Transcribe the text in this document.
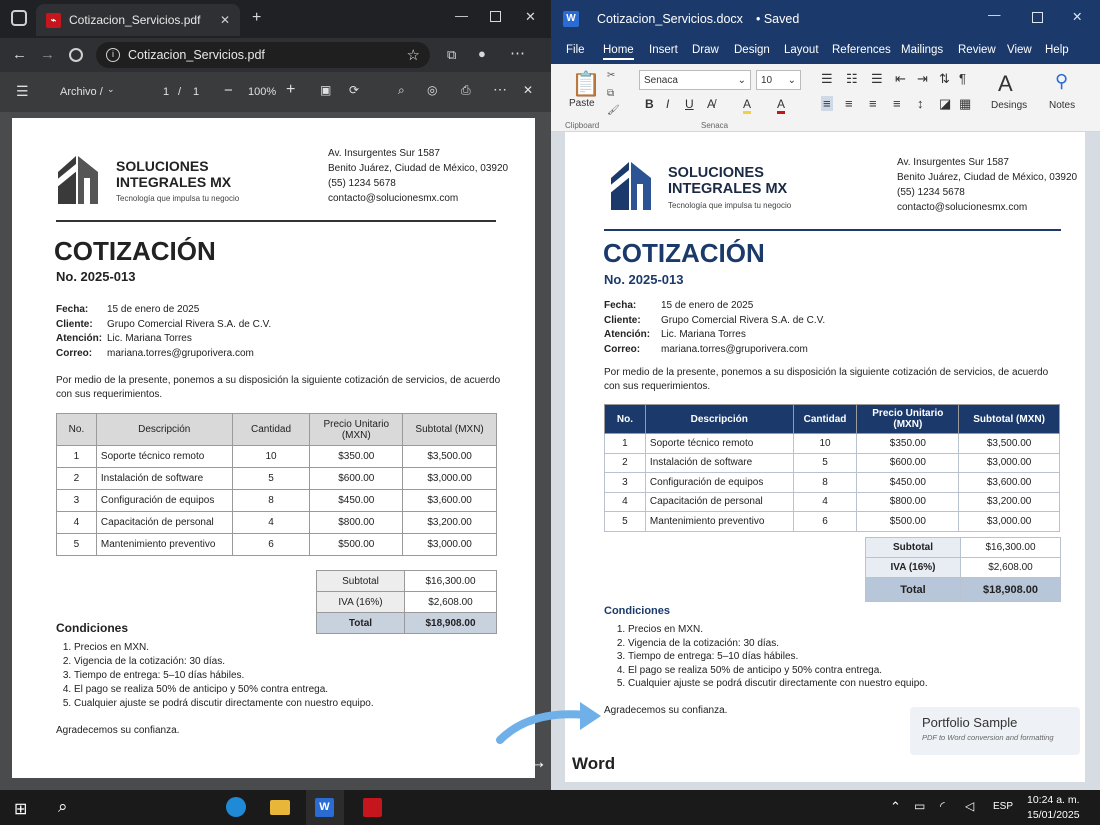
⌁	Cotizacion_Servicios.pdf ✕ +	—	✕
← →	i	Cotizacion_Servicios.pdf	☆ ⧉ ● ⋯
☰	Archivo / ⌄	1 / 1 − 100% + ▣ ⟳	⌕ ◎ ⎙ ⋯ ✕
SOLUCIONES
INTEGRALES MX
Tecnología que impulsa tu negocio
Av. Insurgentes Sur 1587
Benito Juárez, Ciudad de México, 03920
(55) 1234 5678
contacto@solucionesmx.com
COTIZACIÓN
No. 2025-013
Fecha: 15 de enero de 2025
Cliente: Grupo Comercial Rivera S.A. de C.V.
Atención: Lic. Mariana Torres
Correo: mariana.torres@gruporivera.com
Por medio de la presente, ponemos a su disposición la siguiente cotización de servicios, de acuerdo con sus requerimientos.
No.	Descripción	Cantidad	Precio Unitario (MXN)	Subtotal (MXN)
1	Soporte técnico remoto	10	$350.00	$3,500.00
2	Instalación de software	5	$600.00	$3,000.00
3	Configuración de equipos	8	$450.00	$3,600.00
4	Capacitación de personal	4	$800.00	$3,200.00
5	Mantenimiento preventivo	6	$500.00	$3,000.00
Subtotal	$16,300.00
IVA (16%)	$2,608.00
Total	$18,908.00
Condiciones
1. Precios en MXN.
2. Vigencia de la cotización: 30 días.
3. Tiempo de entrega: 5–10 días hábiles.
4. El pago se realiza 50% de anticipo y 50% contra entrega.
5. Cualquier ajuste se podrá discutir directamente con nuestro equipo.
Agradecemos su confianza.
W Cotizacion_Servicios.docx • Saved	—	✕
File Home Insert Draw Design Layout References Mailings Review View Help
📋
Paste
✂
⧉
🖌
Clipboard
Senaca	⌄	10 ⌄
B I U A̸ A A
Senaca
☰ ☷ ☰ ⇤ ⇥ ⇅ ¶
≡ ≡ ≡ ≡ ↕ ◪ ▦
A
Desings
⚲
Notes
SOLUCIONES
INTEGRALES MX
Tecnología que impulsa tu negocio
Av. Insurgentes Sur 1587
Benito Juárez, Ciudad de México, 03920
(55) 1234 5678
contacto@solucionesmx.com
COTIZACIÓN
No. 2025-013
Fecha: 15 de enero de 2025
Cliente: Grupo Comercial Rivera S.A. de C.V.
Atención: Lic. Mariana Torres
Correo: mariana.torres@gruporivera.com
Por medio de la presente, ponemos a su disposición la siguiente cotización de servicios, de acuerdo con sus requerimientos.
No.	Descripción	Cantidad	Precio Unitario (MXN)	Subtotal (MXN)
1	Soporte técnico remoto	10	$350.00	$3,500.00
2	Instalación de software	5	$600.00	$3,000.00
3	Configuración de equipos	8	$450.00	$3,600.00
4	Capacitación de personal	4	$800.00	$3,200.00
5	Mantenimiento preventivo	6	$500.00	$3,000.00
Subtotal	$16,300.00
IVA (16%)	$2,608.00
Total	$18,908.00
Condiciones
1. Precios en MXN.
2. Vigencia de la cotización: 30 días.
3. Tiempo de entrega: 5–10 días hábiles.
4. El pago se realiza 50% de anticipo y 50% contra entrega.
5. Cualquier ajuste se podrá discutir directamente con nuestro equipo.
Agradecemos su confianza.
Portfolio Sample
PDF to Word conversion and formatting
PDF → Word
⊞ ⌕	W	⌃ ▭ ◜ ◁ ESP
10:24 a. m.
15/01/2025
